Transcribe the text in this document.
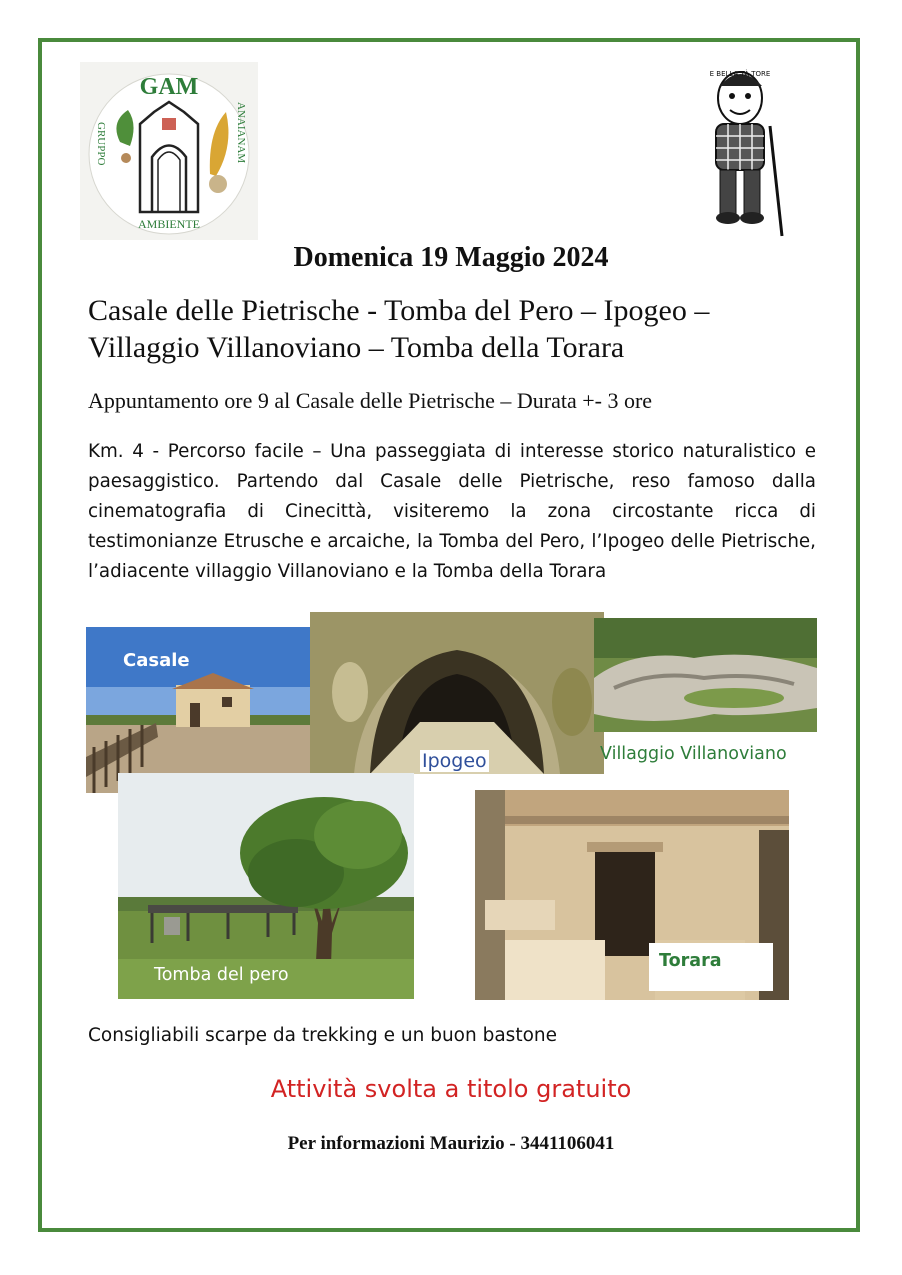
GAM
GRUPPO	ANAIANAM
AMBIENTE
E BELLA TÀ TORE
Domenica 19 Maggio 2024
Casale delle Pietrische - Tomba del Pero – Ipogeo –
Villaggio Villanoviano – Tomba della Torara
Appuntamento ore 9 al Casale delle Pietrische – Durata +- 3 ore
Km. 4 - Percorso facile – Una passeggiata di interesse storico naturalistico e paesaggistico. Partendo dal Casale delle Pietrische, reso famoso dalla cinematografia di Cinecittà, visiteremo la zona circostante ricca di testimonianze Etrusche e arcaiche, la Tomba del Pero, l’Ipogeo delle Pietrische, l’adiacente villaggio Villanoviano e la Tomba della Torara
Casale
Ipogeo	Villaggio Villanoviano
Tomba del pero
Torara
Consigliabili scarpe da trekking e un buon bastone
Attività svolta a titolo gratuito
Per informazioni Maurizio - 3441106041
